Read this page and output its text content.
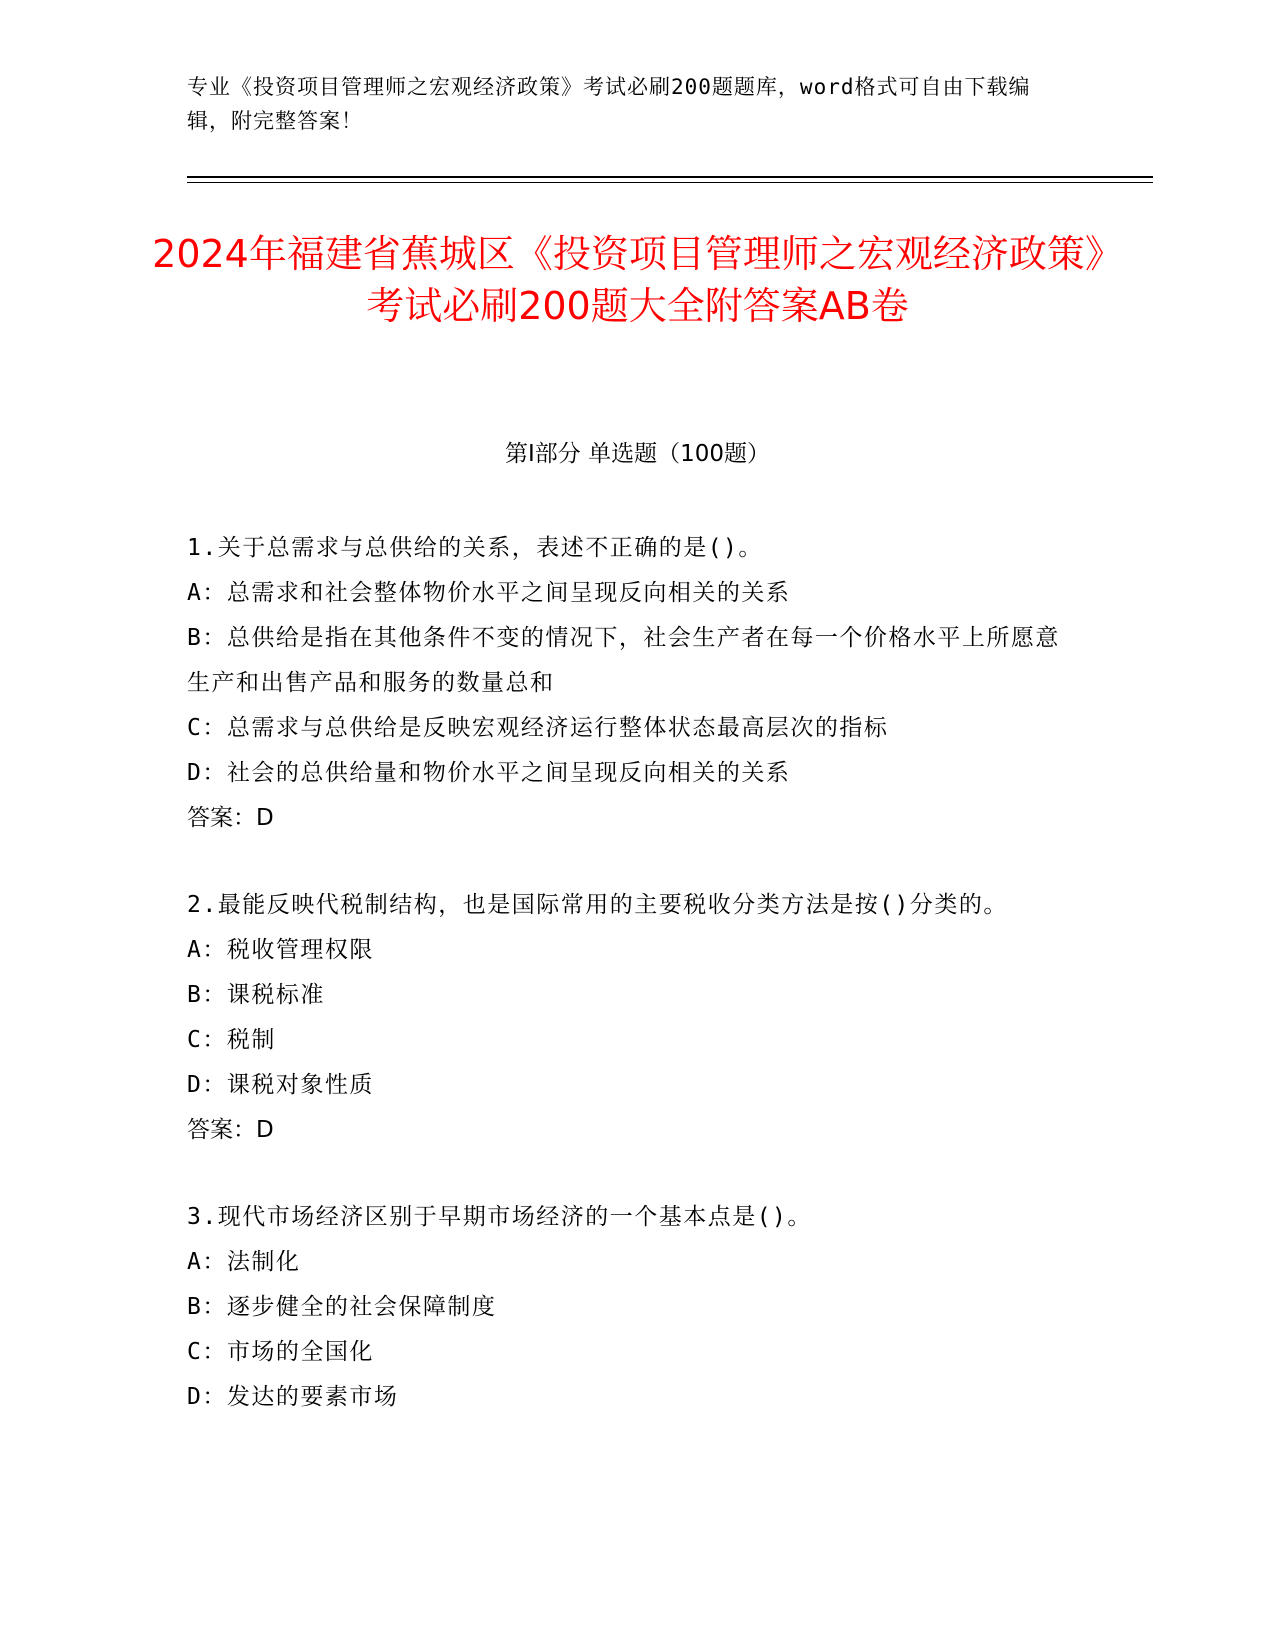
专业《投资项目管理师之宏观经济政策》考试必刷200题题库，word格式可自由下载编辑，附完整答案！
2024年福建省蕉城区《投资项目管理师之宏观经济政策》考试必刷200题大全附答案AB卷
第Ⅰ部分 单选题（100题）

1.关于总需求与总供给的关系，表述不正确的是()。

A：总需求和社会整体物价水平之间呈现反向相关的关系

B：总供给是指在其他条件不变的情况下，社会生产者在每一个价格水平上所愿意生产和出售产品和服务的数量总和

C：总需求与总供给是反映宏观经济运行整体状态最高层次的指标

D：社会的总供给量和物价水平之间呈现反向相关的关系

答案：D

2.最能反映代税制结构，也是国际常用的主要税收分类方法是按()分类的。

A：税收管理权限

B：课税标准

C：税制

D：课税对象性质

答案：D

3.现代市场经济区别于早期市场经济的一个基本点是()。

A：法制化

B：逐步健全的社会保障制度

C：市场的全国化

D：发达的要素市场
